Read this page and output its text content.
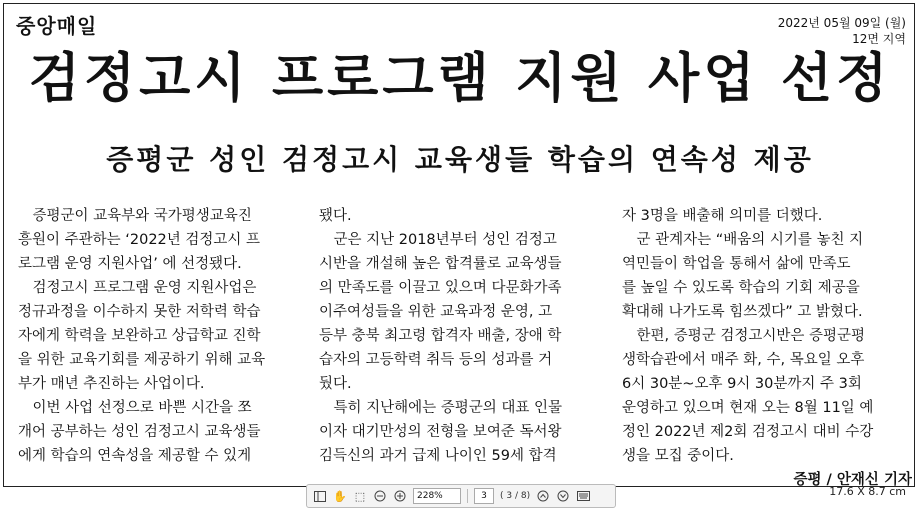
중앙매일	2022년 05월 09일 (월)
12면 지역
검정고시 프로그램 지원 사업 선정
증평군 성인 검정고시 교육생들 학습의 연속성 제공
　증평군이 교육부와 국가평생교육진
흥원이 주관하는 ‘2022년 검정고시 프
로그램 운영 지원사업’ 에 선정됐다.
　검정고시 프로그램 운영 지원사업은
정규과정을 이수하지 못한 저학력 학습
자에게 학력을 보완하고 상급학교 진학
을 위한 교육기회를 제공하기 위해 교육
부가 매년 추진하는 사업이다.
　이번 사업 선정으로 바쁜 시간을 쪼
개어 공부하는 성인 검정고시 교육생들
에게 학습의 연속성을 제공할 수 있게
됐다.
　군은 지난 2018년부터 성인 검정고
시반을 개설해 높은 합격률로 교육생들
의 만족도를 이끌고 있으며 다문화가족
이주여성들을 위한 교육과정 운영, 고
등부 충북 최고령 합격자 배출, 장애 학
습자의 고등학력 취득 등의 성과를 거
뒀다.
　특히 지난해에는 증평군의 대표 인물
이자 대기만성의 전형을 보여준 독서왕
김득신의 과거 급제 나이인 59세 합격
자 3명을 배출해 의미를 더했다.
　군 관계자는 “배움의 시기를 놓친 지
역민들이 학업을 통해서 삶에 만족도
를 높일 수 있도록 학습의 기회 제공을
확대해 나가도록 힘쓰겠다” 고 밝혔다.
　한편, 증평군 검정고시반은 증평군평
생학습관에서 매주 화, 수, 목요일 오후
6시 30분~오후 9시 30분까지 주 3회
운영하고 있으며 현재 오는 8월 11일 예
정인 2022년 제2회 검정고시 대비 수강
생을 모집 중이다.
증평 / 안재신 기자
17.6 X 8.7 cm
✋ ⬚	228%	3	( 3 / 8)
